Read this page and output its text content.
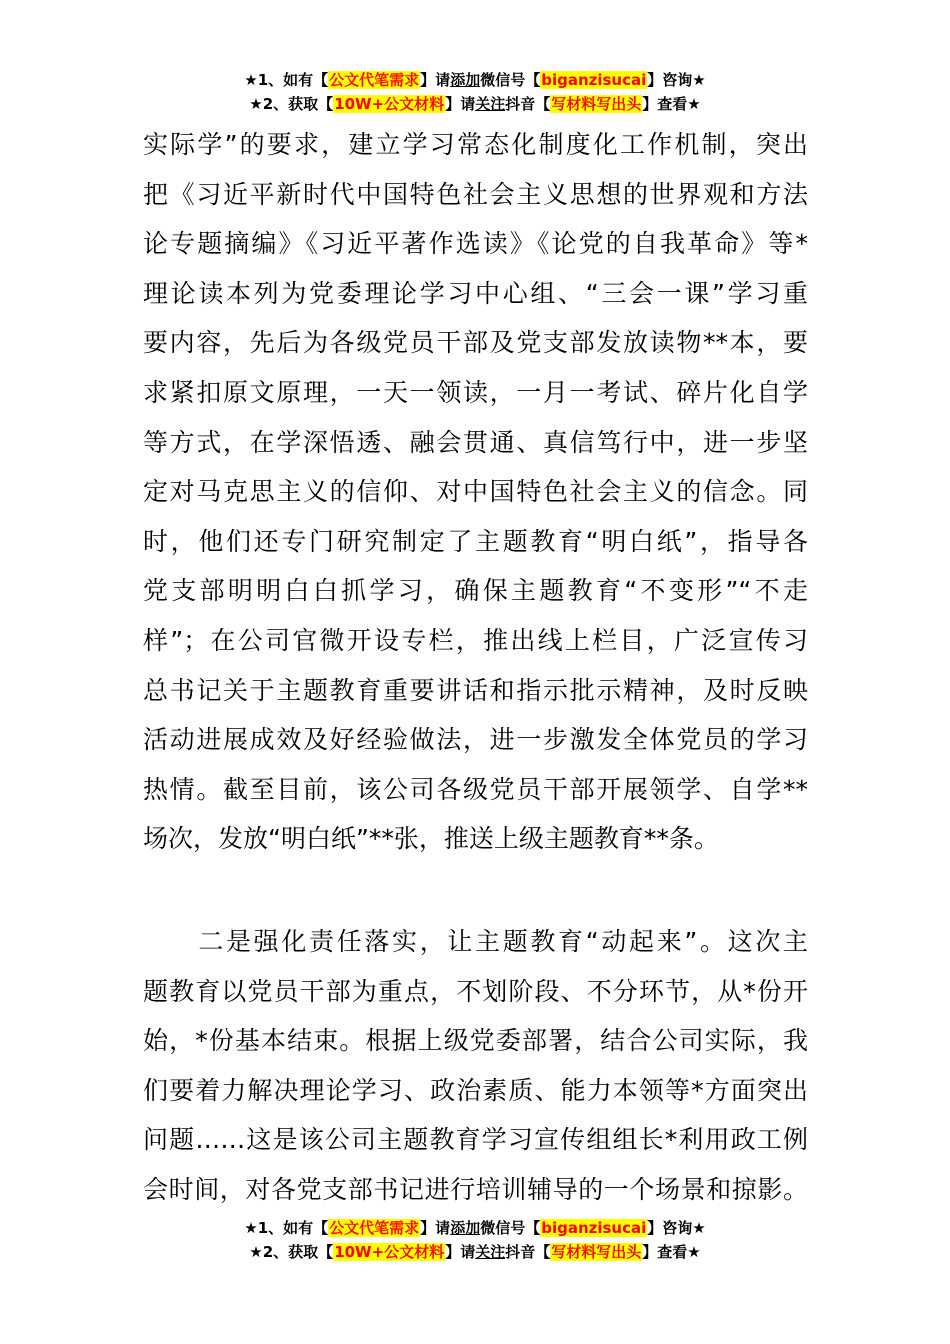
★1、如有【公文代笔需求】请添加微信号【biganzisucai】咨询★
★2、获取【10W+公文材料】请关注抖音【写材料写出头】查看★
实际学”的要求，建立学习常态化制度化工作机制，突出
把《习近平新时代中国特色社会主义思想的世界观和方法
论专题摘编》《习近平著作选读》《论党的自我革命》等*
理论读本列为党委理论学习中心组、“三会一课”学习重
要内容，先后为各级党员干部及党支部发放读物**本，要
求紧扣原文原理，一天一领读，一月一考试、碎片化自学
等方式，在学深悟透、融会贯通、真信笃行中，进一步坚
定对马克思主义的信仰、对中国特色社会主义的信念。同
时，他们还专门研究制定了主题教育“明白纸”，指导各
党支部明明白白抓学习，确保主题教育“不变形”“不走
样”；在公司官微开设专栏，推出线上栏目，广泛宣传习
总书记关于主题教育重要讲话和指示批示精神，及时反映
活动进展成效及好经验做法，进一步激发全体党员的学习
热情。截至目前，该公司各级党员干部开展领学、自学**
场次，发放“明白纸”**张，推送上级主题教育**条。
　　二是强化责任落实，让主题教育“动起来”。这次主
题教育以党员干部为重点，不划阶段、不分环节，从*份开
始，*份基本结束。根据上级党委部署，结合公司实际，我
们要着力解决理论学习、政治素质、能力本领等*方面突出
问题……这是该公司主题教育学习宣传组组长*利用政工例
会时间，对各党支部书记进行培训辅导的一个场景和掠影。
★1、如有【公文代笔需求】请添加微信号【biganzisucai】咨询★
★2、获取【10W+公文材料】请关注抖音【写材料写出头】查看★
